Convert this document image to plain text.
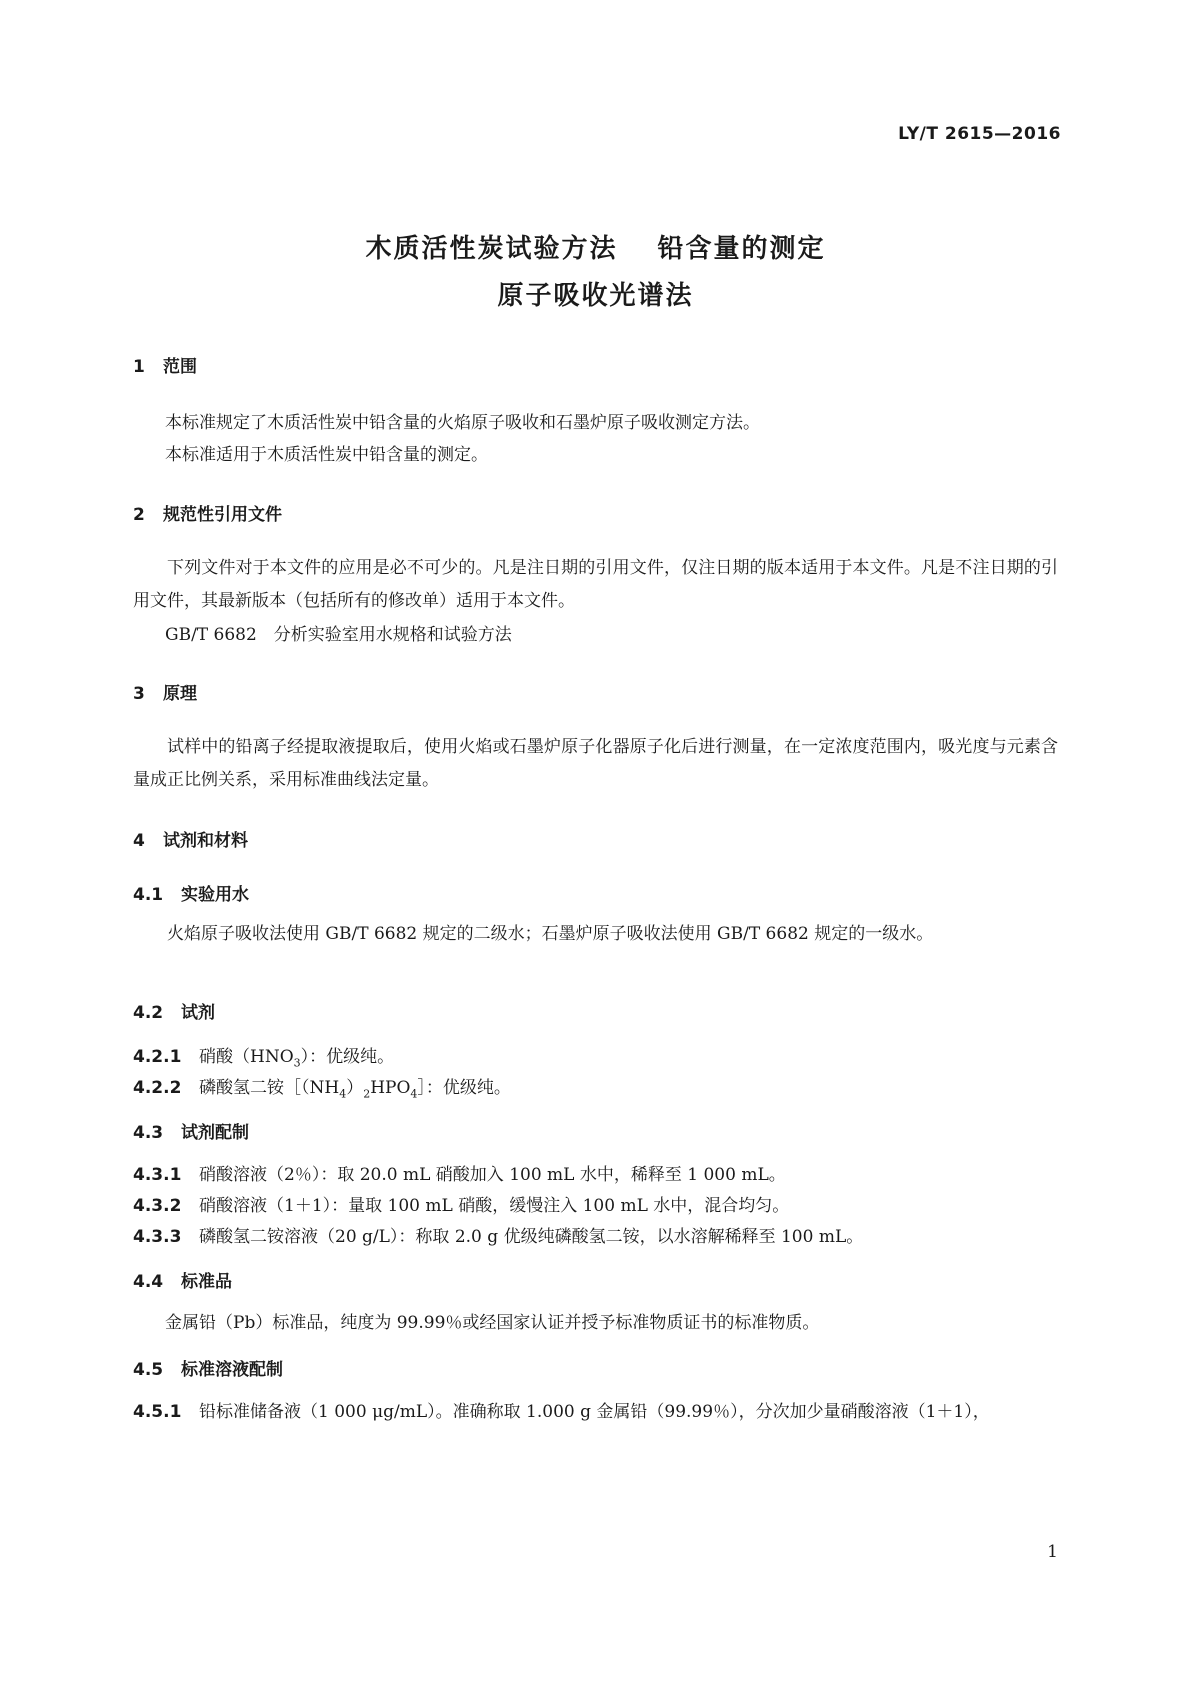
LY/T 2615—2016
木质活性炭试验方法 铅含量的测定
原子吸收光谱法
1 范围
本标准规定了木质活性炭中铅含量的火焰原子吸收和石墨炉原子吸收测定方法。
本标准适用于木质活性炭中铅含量的测定。
2 规范性引用文件
下列文件对于本文件的应用是必不可少的。凡是注日期的引用文件，仅注日期的版本适用于本文件。凡是不注日期的引用文件，其最新版本（包括所有的修改单）适用于本文件。
GB/T 6682　分析实验室用水规格和试验方法
3 原理
试样中的铅离子经提取液提取后，使用火焰或石墨炉原子化器原子化后进行测量，在一定浓度范围内，吸光度与元素含量成正比例关系，采用标准曲线法定量。
4 试剂和材料
4.1 实验用水
火焰原子吸收法使用 GB/T 6682 规定的二级水；石墨炉原子吸收法使用 GB/T 6682 规定的一级水。
4.2 试剂
4.2.1 硝酸$(HNO_3)$：优级纯。
4.2.2 磷酸氢二铵$[(NH_4)_2HPO_4]$：优级纯。
4.3 试剂配制
4.3.1 硝酸溶液（2％）：取 20.0 mL 硝酸加入 100 mL 水中，稀释至 1 000 mL。
4.3.2 硝酸溶液（1＋1）：量取 100 mL 硝酸，缓慢注入 100 mL 水中，混合均匀。
4.3.3 磷酸氢二铵溶液（20 g/L）：称取 2.0 g 优级纯磷酸氢二铵，以水溶解稀释至 100 mL。
4.4 标准品
金属铅（Pb）标准品，纯度为 99.99％或经国家认证并授予标准物质证书的标准物质。
4.5 标准溶液配制
4.5.1 铅标准储备液（1 000 μg/mL）。准确称取 1.000 g 金属铅（99.99％），分次加少量硝酸溶液（1＋1），
1
